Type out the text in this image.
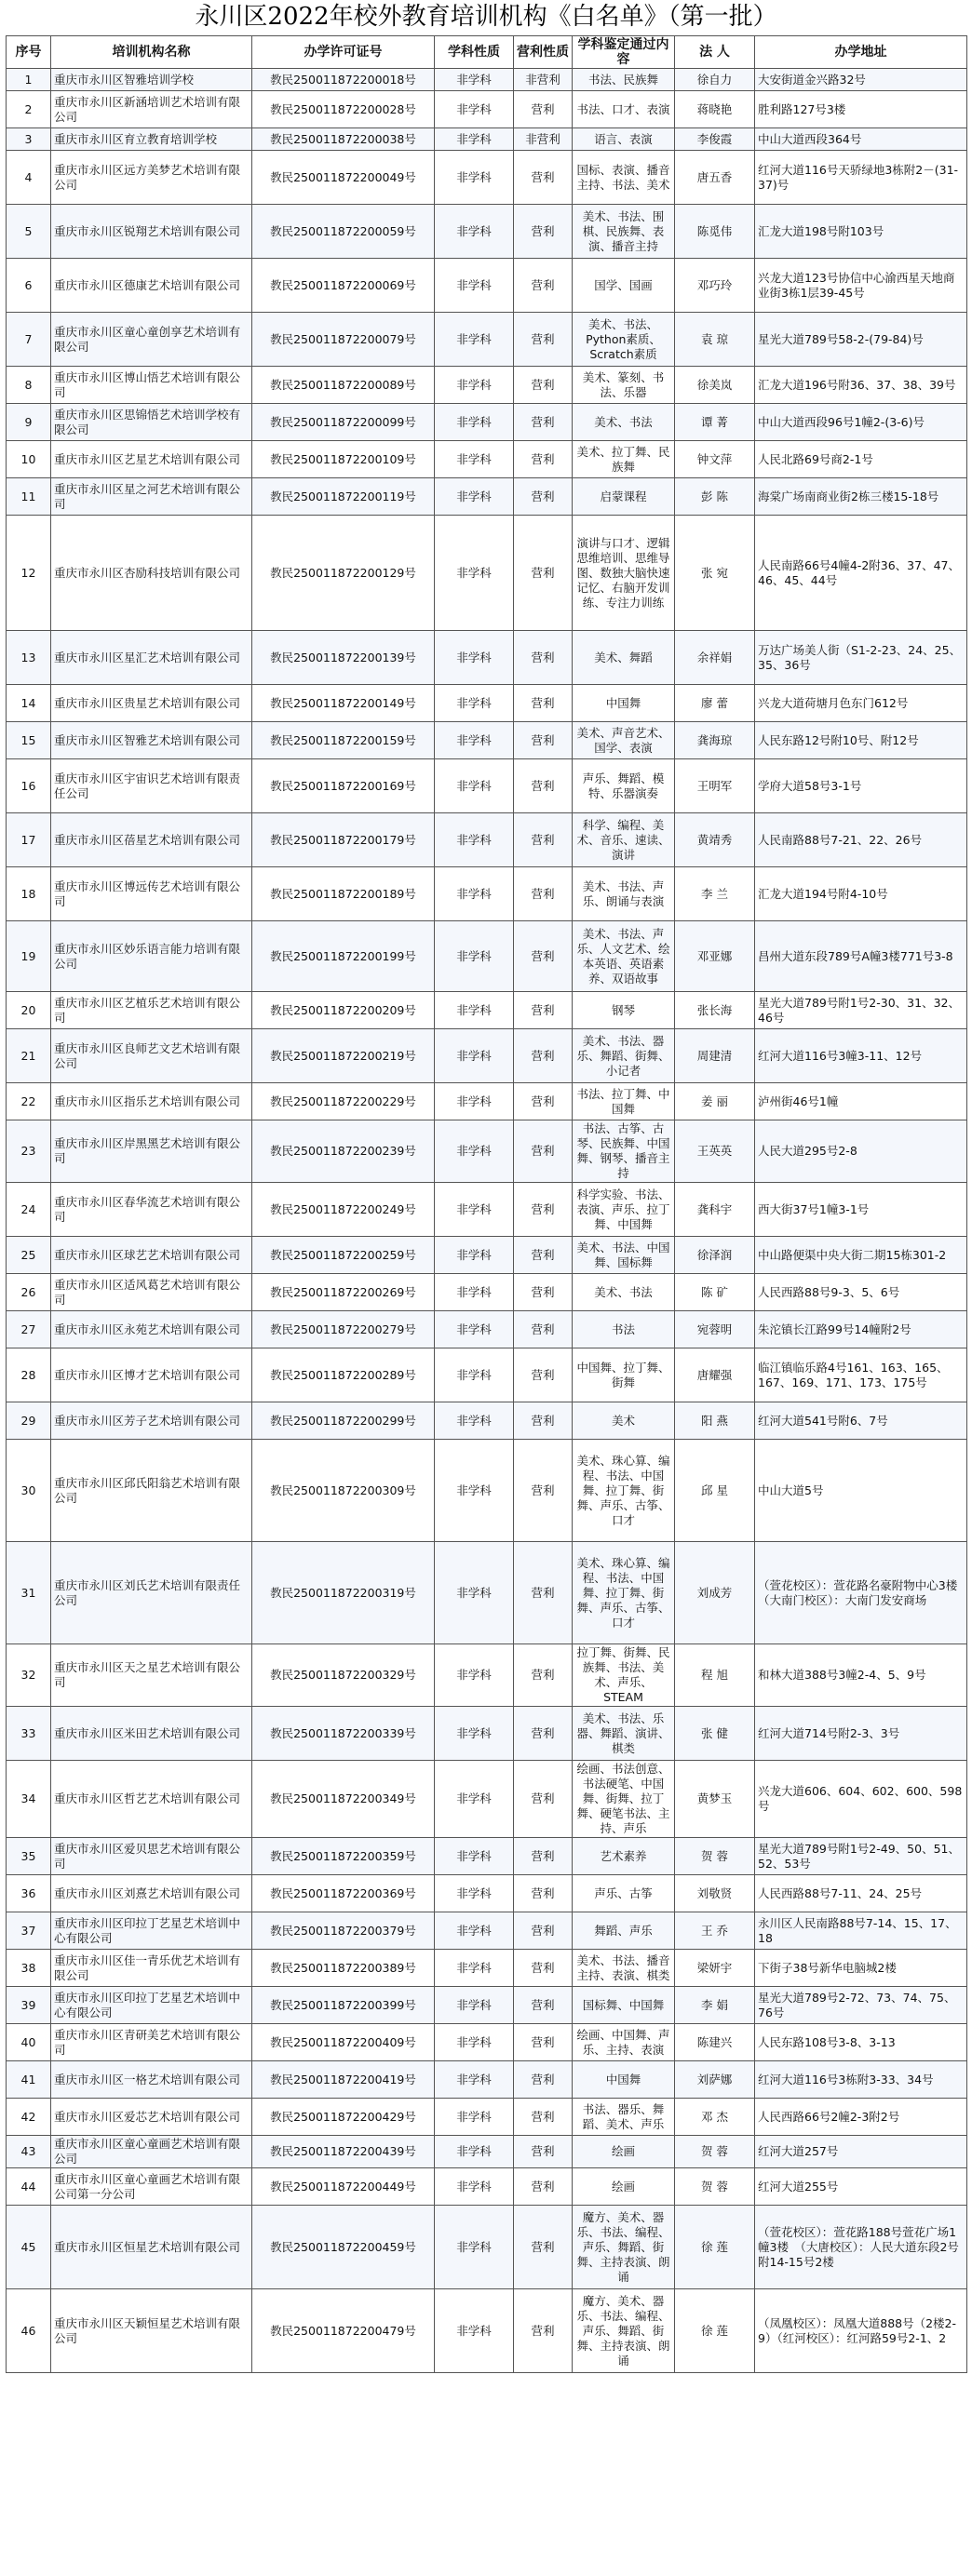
永川区2022年校外教育培训机构《白名单》（第一批）
序号	培训机构名称	办学许可证号	学科性质	营利性质	学科鉴定通过内容	法 人	办学地址
1	重庆市永川区智雅培训学校	教民250011872200018号	非学科	非营利	书法、民族舞	徐自力	大安街道金兴路32号
2	重庆市永川区新涵培训艺术培训有限公司	教民250011872200028号	非学科	营利	书法、口才、表演	蒋晓艳	胜利路127号3楼
3	重庆市永川区育立教育培训学校	教民250011872200038号	非学科	非营利	语言、表演	李俊霞	中山大道西段364号
4	重庆市永川区远方美梦艺术培训有限公司	教民250011872200049号	非学科	营利	国标、表演、播音主持、书法、美术	唐五香	红河大道116号天骄绿地3栋附2－(31-37)号
5	重庆市永川区锐翔艺术培训有限公司	教民250011872200059号	非学科	营利	美术、书法、围棋、民族舞、表演、播音主持	陈觅伟	汇龙大道198号附103号
6	重庆市永川区德康艺术培训有限公司	教民250011872200069号	非学科	营利	国学、国画	邓巧玲	兴龙大道123号协信中心渝西星天地商业街3栋1层39-45号
7	重庆市永川区童心童创享艺术培训有限公司	教民250011872200079号	非学科	营利	美术、书法、Python素质、Scratch素质	袁 琼	星光大道789号58-2-(79-84)号
8	重庆市永川区博山悟艺术培训有限公司	教民250011872200089号	非学科	营利	美术、篆刻、书法、乐器	徐美岚	汇龙大道196号附36、37、38、39号
9	重庆市永川区思锦悟艺术培训学校有限公司	教民250011872200099号	非学科	营利	美术、书法	谭 菁	中山大道西段96号1幢2-(3-6)号
10	重庆市永川区艺星艺术培训有限公司	教民250011872200109号	非学科	营利	美术、拉丁舞、民族舞	钟文萍	人民北路69号商2-1号
11	重庆市永川区星之河艺术培训有限公司	教民250011872200119号	非学科	营利	启蒙课程	彭 陈	海棠广场南商业街2栋三楼15-18号
12	重庆市永川区杏励科技培训有限公司	教民250011872200129号	非学科	营利	演讲与口才、逻辑思维培训、思维导图、数独大脑快速记忆、右脑开发训练、专注力训练	张 宛	人民南路66号4幢4-2附36、37、47、46、45、44号
13	重庆市永川区星汇艺术培训有限公司	教民250011872200139号	非学科	营利	美术、舞蹈	余祥娟	万达广场美人街（S1-2-23、24、25、35、36号
14	重庆市永川区贵星艺术培训有限公司	教民250011872200149号	非学科	营利	中国舞	廖 蕾	兴龙大道荷塘月色东门612号
15	重庆市永川区智雅艺术培训有限公司	教民250011872200159号	非学科	营利	美术、声音艺术、国学、表演	龚海琼	人民东路12号附10号、附12号
16	重庆市永川区宇宙识艺术培训有限责任公司	教民250011872200169号	非学科	营利	声乐、舞蹈、模特、乐器演奏	王明军	学府大道58号3-1号
17	重庆市永川区蓓星艺术培训有限公司	教民250011872200179号	非学科	营利	科学、编程、美术、音乐、速读、演讲	黄靖秀	人民南路88号7-21、22、26号
18	重庆市永川区博远传艺术培训有限公司	教民250011872200189号	非学科	营利	美术、书法、声乐、朗诵与表演	李 兰	汇龙大道194号附4-10号
19	重庆市永川区妙乐语言能力培训有限公司	教民250011872200199号	非学科	营利	美术、书法、声乐、人文艺术、绘本英语、英语素养、双语故事	邓亚娜	昌州大道东段789号A幢3楼771号3-8
20	重庆市永川区艺植乐艺术培训有限公司	教民250011872200209号	非学科	营利	钢琴	张长海	星光大道789号附1号2-30、31、32、46号
21	重庆市永川区良师艺文艺术培训有限公司	教民250011872200219号	非学科	营利	美术、书法、器乐、舞蹈、街舞、小记者	周建清	红河大道116号3幢3-11、12号
22	重庆市永川区指乐艺术培训有限公司	教民250011872200229号	非学科	营利	书法、拉丁舞、中国舞	姜 丽	泸州街46号1幢
23	重庆市永川区岸黑黑艺术培训有限公司	教民250011872200239号	非学科	营利	书法、古筝、古琴、民族舞、中国舞、钢琴、播音主持	王英英	人民大道295号2-8
24	重庆市永川区春华流艺术培训有限公司	教民250011872200249号	非学科	营利	科学实验、书法、表演、声乐、拉丁舞、中国舞	龚科宇	西大街37号1幢3-1号
25	重庆市永川区球艺艺术培训有限公司	教民250011872200259号	非学科	营利	美术、书法、中国舞、国标舞	徐泽润	中山路便渠中央大街二期15栋301-2
26	重庆市永川区适风葛艺术培训有限公司	教民250011872200269号	非学科	营利	美术、书法	陈 矿	人民西路88号9-3、5、6号
27	重庆市永川区永苑艺术培训有限公司	教民250011872200279号	非学科	营利	书法	宛蓉明	朱沱镇长江路99号14幢附2号
28	重庆市永川区博才艺术培训有限公司	教民250011872200289号	非学科	营利	中国舞、拉丁舞、街舞	唐耀强	临江镇临乐路4号161、163、165、167、169、171、173、175号
29	重庆市永川区芳子艺术培训有限公司	教民250011872200299号	非学科	营利	美术	阳 燕	红河大道541号附6、7号
30	重庆市永川区邱氏阳翁艺术培训有限公司	教民250011872200309号	非学科	营利	美术、珠心算、编程、书法、中国舞、拉丁舞、街舞、声乐、古筝、口才	邱 星	中山大道5号
31	重庆市永川区刘氏艺术培训有限责任公司	教民250011872200319号	非学科	营利	美术、珠心算、编程、书法、中国舞、拉丁舞、街舞、声乐、古筝、口才	刘成芳	（萱花校区）：萱花路名豪附物中心3楼　（大南门校区）：大南门发安商场
32	重庆市永川区天之星艺术培训有限公司	教民250011872200329号	非学科	营利	拉丁舞、街舞、民族舞、书法、美术、声乐、STEAM	程 旭	和林大道388号3幢2-4、5、9号
33	重庆市永川区米田艺术培训有限公司	教民250011872200339号	非学科	营利	美术、书法、乐器、舞蹈、演讲、棋类	张 健	红河大道714号附2-3、3号
34	重庆市永川区哲艺艺术培训有限公司	教民250011872200349号	非学科	营利	绘画、书法创意、书法硬笔、中国舞、街舞、拉丁舞、硬笔书法、主持、声乐	黄梦玉	兴龙大道606、604、602、600、598号
35	重庆市永川区爱贝思艺术培训有限公司	教民250011872200359号	非学科	营利	艺术素养	贺 蓉	星光大道789号附1号2-49、50、51、52、53号
36	重庆市永川区刘熹艺术培训有限公司	教民250011872200369号	非学科	营利	声乐、古筝	刘敬贤	人民西路88号7-11、24、25号
37	重庆市永川区印拉丁艺星艺术培训中心有限公司	教民250011872200379号	非学科	营利	舞蹈、声乐	王 乔	永川区人民南路88号7-14、15、17、18
38	重庆市永川区佳一青乐优艺术培训有限公司	教民250011872200389号	非学科	营利	美术、书法、播音主持、表演、棋类	梁妍宇	下街子38号新华电脑城2楼
39	重庆市永川区印拉丁艺星艺术培训中心有限公司	教民250011872200399号	非学科	营利	国标舞、中国舞	李 娟	星光大道789号2-72、73、74、75、76号
40	重庆市永川区青研美艺术培训有限公司	教民250011872200409号	非学科	营利	绘画、中国舞、声乐、主持、表演	陈建兴	人民东路108号3-8、3-13
41	重庆市永川区一格艺术培训有限公司	教民250011872200419号	非学科	营利	中国舞	刘萨娜	红河大道116号3栋附3-33、34号
42	重庆市永川区爱芯艺术培训有限公司	教民250011872200429号	非学科	营利	书法、器乐、舞蹈、美术、声乐	邓 杰	人民西路66号2幢2-3附2号
43	重庆市永川区童心童画艺术培训有限公司	教民250011872200439号	非学科	营利	绘画	贺 蓉	红河大道257号
44	重庆市永川区童心童画艺术培训有限公司第一分公司	教民250011872200449号	非学科	营利	绘画	贺 蓉	红河大道255号
45	重庆市永川区恒星艺术培训有限公司	教民250011872200459号	非学科	营利	魔方、美术、器乐、书法、编程、声乐、舞蹈、街舞、主持表演、朗诵	徐 莲	（萱花校区）：萱花路188号萱花广场1幢3楼　（大唐校区）：人民大道东段2号附14-15号2楼
46	重庆市永川区天颖恒星艺术培训有限公司	教民250011872200479号	非学科	营利	魔方、美术、器乐、书法、编程、声乐、舞蹈、街舞、主持表演、朗诵	徐 莲	（凤凰校区）：凤凰大道888号（2楼2-9）（红河校区）：红河路59号2-1、2
